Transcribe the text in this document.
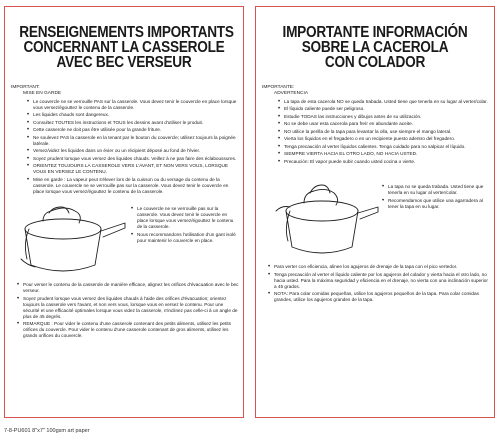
RENSEIGNEMENTS IMPORTANTS
CONCERNANT LA CASSEROLE
AVEC BEC VERSEUR
IMPORTANT:
MISE EN GARDE
• Le couvercle ne se verrouille PAS sur la casserole. Vous devez tenir le couvercle en place lorsque vous versez/égouttez le contenu de la casserole.
• Les liquides chauds sont dangereux.
• Consultez TOUTES les instructions et TOUS les dessins avant d'utiliser le produit.
• Cette casserole ne doit pas être utilisée pour la grande friture.
• Ne soulevez PAS la casserole en la tenant par le bouton du couvercle; utilisez toujours la poignée latérale.
• Versez/videz les liquides dans un évier ou un récipient déposé au fond de l'évier.
• Soyez prudent lorsque vous versez des liquides chauds. Veillez à ne pas faire des éclaboussures.
• ORIENTEZ TOUJOURS LA CASSEROLE VERS L'AVANT, ET NON VERS VOUS, LORSQUE VOUS EN VERSEZ LE CONTENU.
• Mise en garde : La vapeur peut s'élever lors de la cuisson ou du versage du contenu de la casserole. Le couvercle ne se verrouille pas sur la casserole. Vous devez tenir le couvercle en place lorsque vous versez/égouttez le contenu de la casserole.
• Le couvercle ne se verrouille pas sur la casserole. Vous devez tenir le couvercle en place lorsque vous versez/égouttez le contenu de la casserole.
• Nous recommandons l'utilisation d'un gant isolé pour maintenir le couvercle en place.
• Pour verser le contenu de la casserole de manière efficace, alignez les orifices d'évacuation avec le bec verseur.
• Soyez prudent lorsque vous versez des liquides chauds à l'aide des orifices d'évacuation; orientez toujours la casserole vers l'avant, et non vers vous, lorsque vous en versez le contenu. Pour une sécurité et une efficacité optimales lorsque vous videz la casserole, n'inclinez pas celle-ci à un angle de plus de 45 degrés.
• REMARQUE : Pour vider le contenu d'une casserole contenant des petits aliments, utilisez les petits orifices du couvercle. Pour vider le contenu d'une casserole contenant de gros aliments, utilisez les grands orifices du couvercle.
IMPORTANTE INFORMACIÓN
SOBRE LA CACEROLA
CON COLADOR
IMPORTANTE:
ADVERTENCIA
• La tapa de esta cacerola NO se queda trabada. Usted tiene que tenerla en su lugar al verter/colar.
• El líquido caliente puede ser peligroso.
• Estudie TODAS las instrucciones y dibujos antes de su utilización.
• No se debe usar esta cacerola para freír en abundante aceite.
• NO utilice la perilla de la tapa para levantar la olla, use siempre el mango lateral.
• Vierta los líquidos en el fregadero o en un recipiente puesto adentro del fregadero.
• Tenga precaución al verter líquidos calientes. Tenga cuidado para no salpicar el líquido.
• SIEMPRE VIERTA HACIA EL OTRO LADO, NO HACIA USTED.
• Precaución: El vapor puede subir cuando usted cocina o vierte.
• La tapa no se queda trabada. Usted tiene que tenerla en su lugar al verter/colar.
• Recomendamos que utilice una agarradera al tener la tapa en su lugar.
• Para verter con eficiencia, alinee los agujeros de drenaje de la tapa con el pico vertedor.
• Tenga precaución al verter el líquido caliente por los agujeros del colador y vierta hacia el otro lado, no hacia usted. Para la máxima seguridad y eficiencia en el drenaje, no vierta con una inclinación superior a 45 grados.
• NOTA: Para colar comidas pequeñas, utilice los agujeros pequeños de la tapa. Para colar comidas grandes, utilice los agujeros grandes de la tapa.
7-8-PU601 8"x7" 100gsm art paper
